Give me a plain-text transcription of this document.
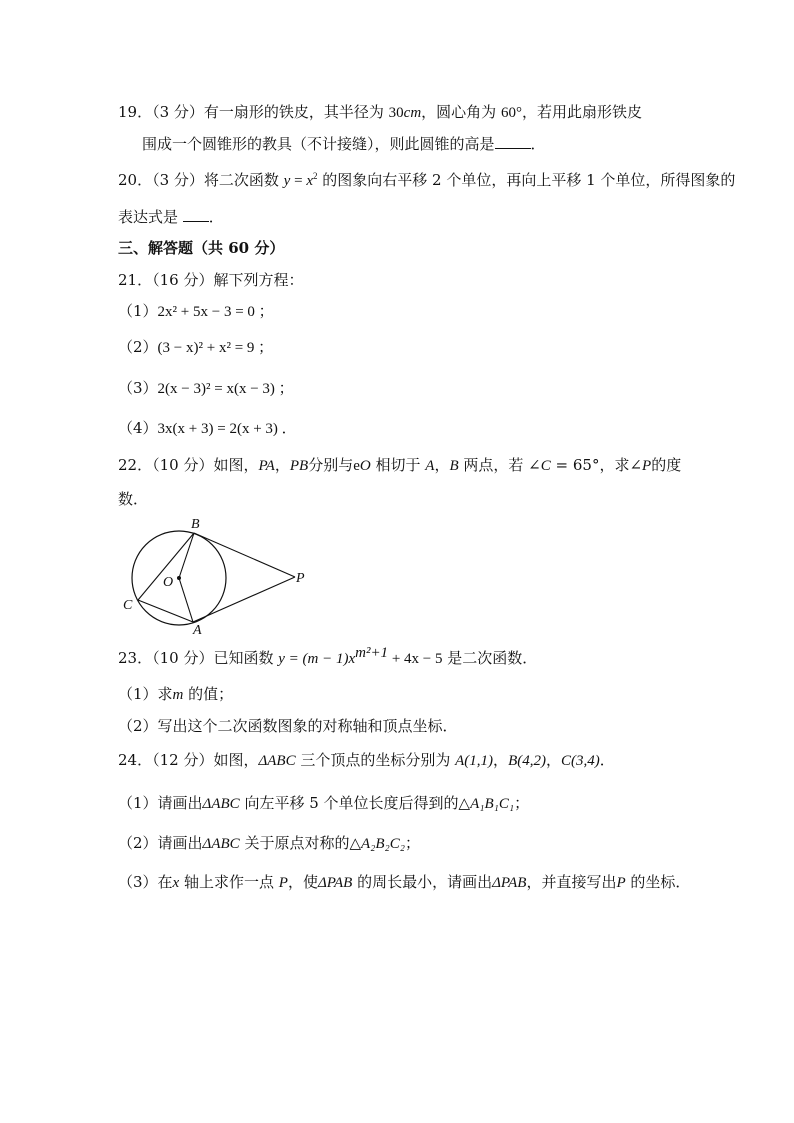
19．（3 分）有一扇形的铁皮，其半径为 30cm，圆心角为 60°，若用此扇形铁皮
围成一个圆锥形的教具（不计接缝），则此圆锥的高是 ．
20．（3 分）将二次函数 $y = x^2$ 的图象向右平移 2 个单位，再向上平移 1 个单位，所得图象的
表达式是 ．
三、解答题（共 60 分）
21．（16 分）解下列方程：
（1）2x² + 5x − 3 = 0 ；
（2）(3 − x)² + x² = 9 ；
（3）2(x − 3)² = x(x − 3) ；
（4）3x(x + 3) = 2(x + 3) ．
22．（10 分）如图，PA，PB分别与eO 相切于 A，B 两点，若 ∠C = 65°，求∠P的度
数．
B
O
C
A
P
23．（10 分）已知函数 $y = (m - 1)x^{m^2+1} + 4x - 5$ 是二次函数．
（1）求m 的值；
（2）写出这个二次函数图象的对称轴和顶点坐标．
24．（12 分）如图，ΔABC 三个顶点的坐标分别为 A(1,1)，B(4,2)，C(3,4)．
（1）请画出ΔABC 向左平移 5 个单位长度后得到的△A₁B₁C₁；
（2）请画出ΔABC 关于原点对称的△A₂B₂C₂；
（3）在x 轴上求作一点 P，使ΔPAB 的周长最小，请画出ΔPAB，并直接写出P 的坐标．
